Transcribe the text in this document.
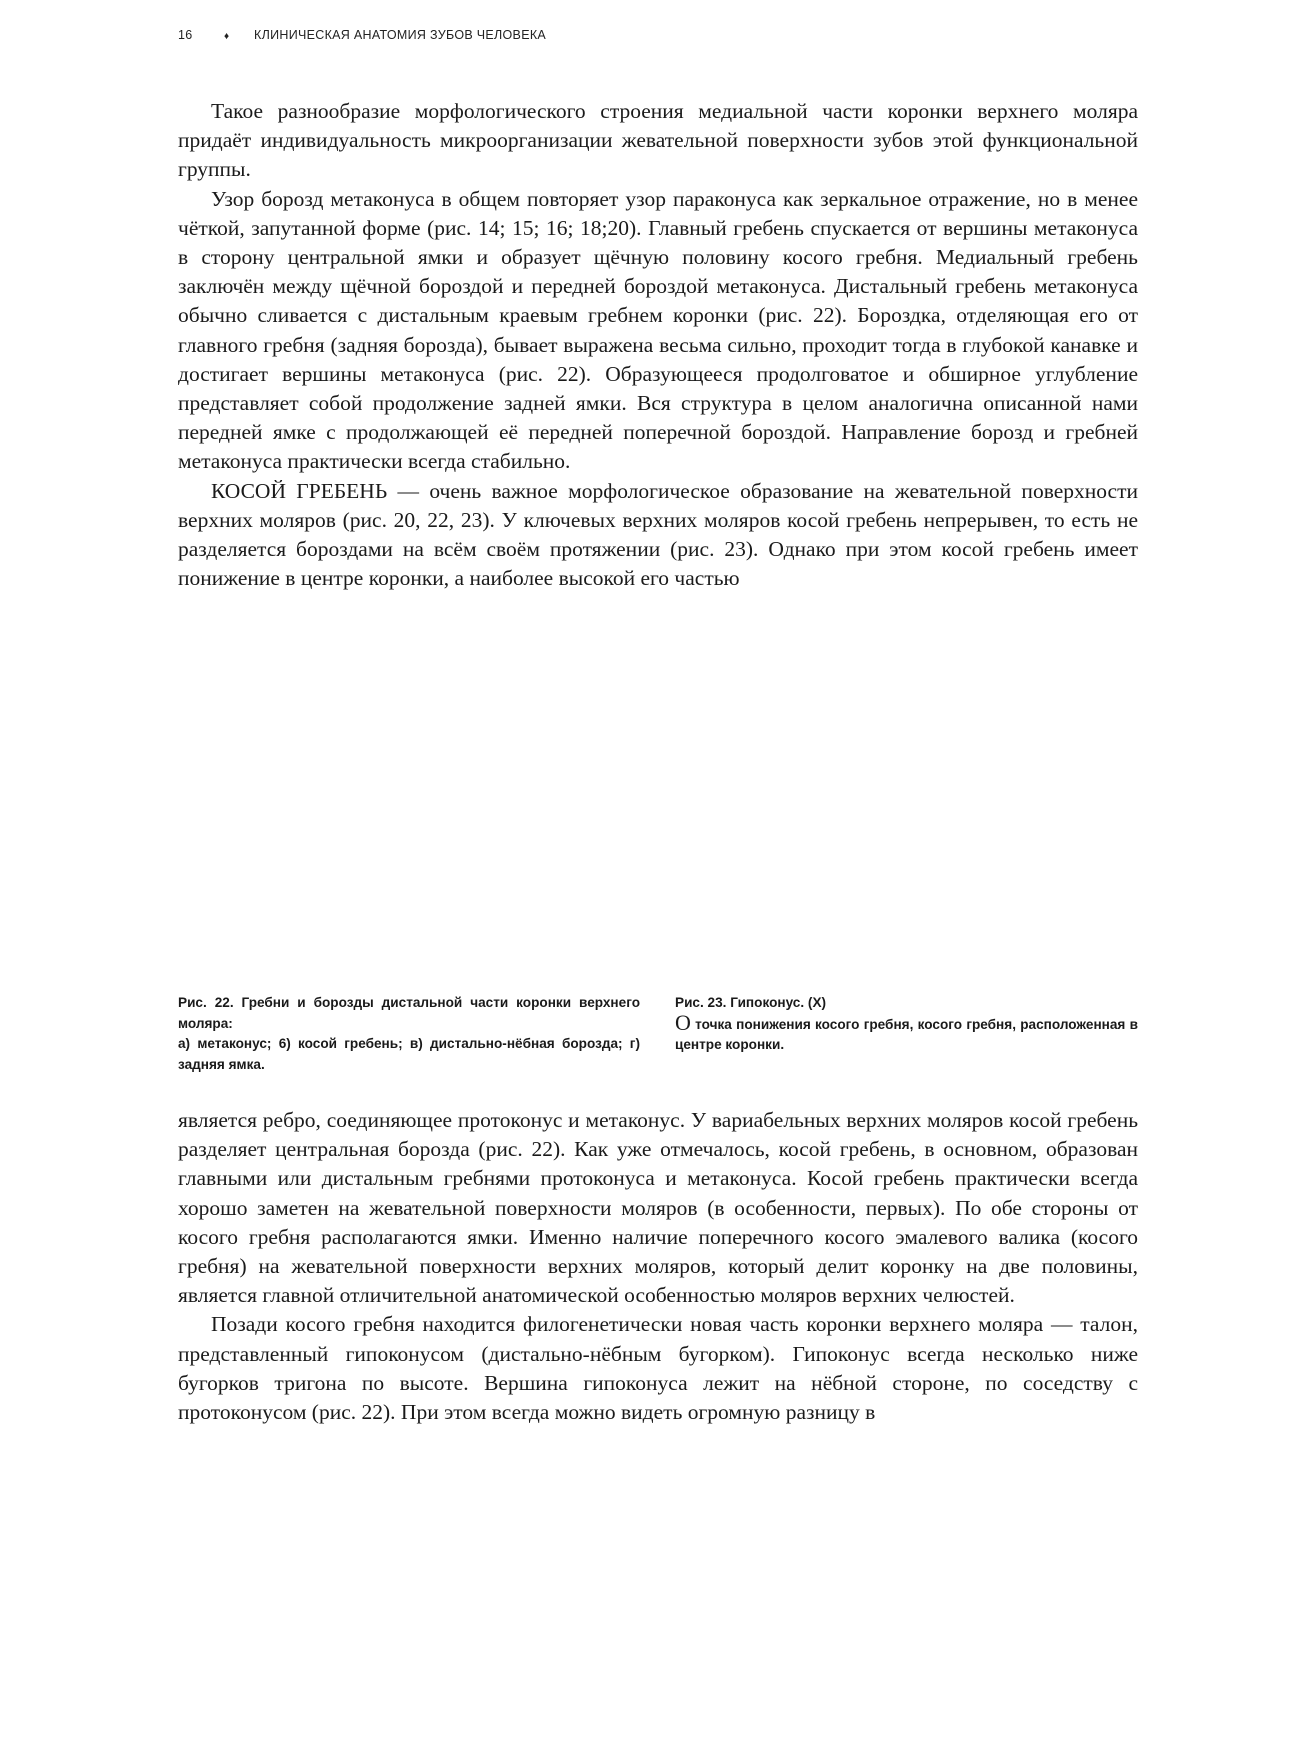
16	♦ КЛИНИЧЕСКАЯ АНАТОМИЯ ЗУБОВ ЧЕЛОВЕКА

Такое разнообразие морфологического строения медиальной части коронки верхнего моляра придаёт индивидуальность микроорганизации жевательной поверхности зубов этой функциональной группы.

Узор борозд метаконуса в общем повторяет узор параконуса как зеркальное отражение, но в менее чёткой, запутанной форме (рис. 14; 15; 16; 18;20). Главный гребень спускается от вершины метаконуса в сторону центральной ямки и образует щёчную половину косого гребня. Медиальный гребень заключён между щёчной бороздой и передней бороздой метаконуса. Дистальный гребень метаконуса обычно сливается с дистальным краевым гребнем коронки (рис. 22). Бороздка, отделяющая его от главного гребня (задняя борозда), бывает выражена весьма сильно, проходит тогда в глубокой канавке и достигает вершины метаконуса (рис. 22). Образующееся продолговатое и обширное углубление представляет собой продолжение задней ямки. Вся структура в целом аналогична описанной нами передней ямке с продолжающей её передней поперечной бороздой. Направление борозд и гребней метаконуса практически всегда стабильно.

КОСОЙ ГРЕБЕНЬ — очень важное морфологическое образование на жевательной поверхности верхних моляров (рис. 20, 22, 23). У ключевых верхних моляров косой гребень непрерывен, то есть не разделяется бороздами на всём своём протяжении (рис. 23). Однако при этом косой гребень имеет понижение в центре коронки, а наиболее высокой его частью

Рис. 22. Гребни и борозды дистальной части коронки верхнего моляра:

а) метаконус; 6) косой гребень; в) дистально-нёбная борозда; г) задняя ямка.

Рис. 23. Гипоконус. (X)

О точка понижения косого гребня, косого гребня, расположенная в центре коронки.

является ребро, соединяющее протоконус и метаконус. У вариабельных верхних моляров косой гребень разделяет центральная борозда (рис. 22). Как уже отмечалось, косой гребень, в основном, образован главными или дистальным гребнями протоконуса и метаконуса. Косой гребень практически всегда хорошо заметен на жевательной поверхности моляров (в особенности, первых). По обе стороны от косого гребня располагаются ямки. Именно наличие поперечного косого эмалевого валика (косого гребня) на жевательной поверхности верхних моляров, который делит коронку на две половины, является главной отличительной анатомической особенностью моляров верхних челюстей.

Позади косого гребня находится филогенетически новая часть коронки верхнего моляра — талон, представленный гипоконусом (дистально-нёбным бугорком). Гипоконус всегда несколько ниже бугорков тригона по высоте. Вершина гипоконуса лежит на нёбной стороне, по соседству с протоконусом (рис. 22). При этом всегда можно видеть огромную разницу в
